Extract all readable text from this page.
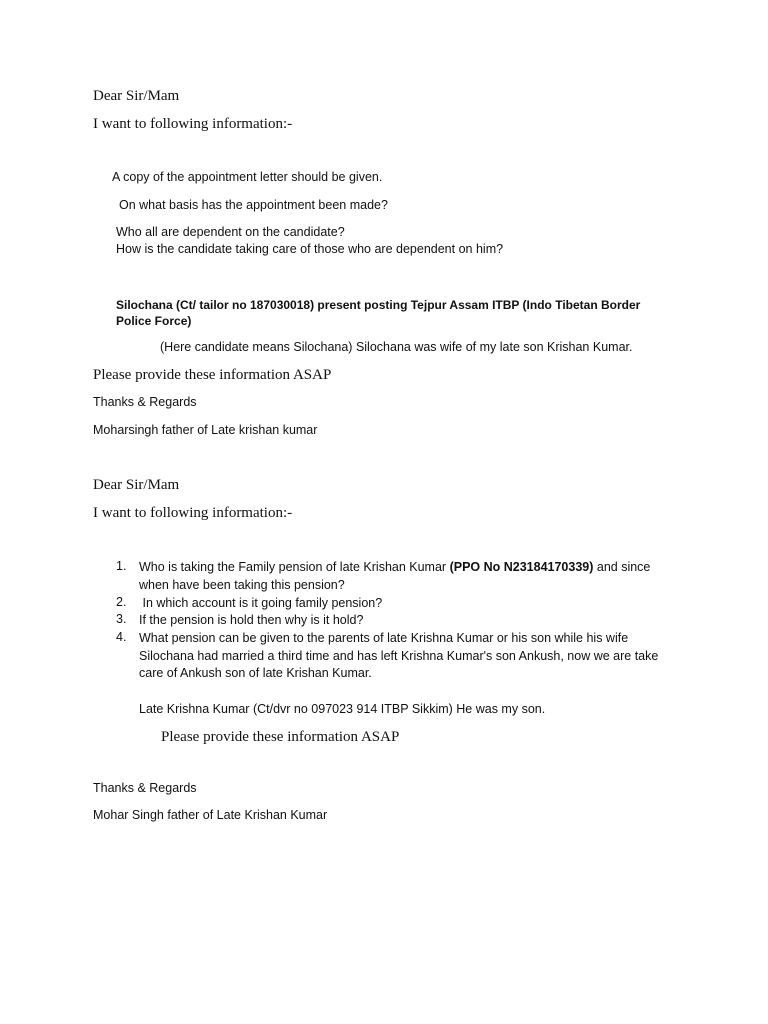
Dear Sir/Mam
I want to following information:-
A copy of the appointment letter should be given.
On what basis has the appointment been made?
Who all are dependent on the candidate?
How is the candidate taking care of those who are dependent on him?
Silochana (Ct/ tailor no 187030018) present posting Tejpur Assam ITBP (Indo Tibetan Border Police Force)
(Here candidate means Silochana) Silochana was wife of my late son Krishan Kumar.
Please provide these information ASAP
Thanks & Regards
Moharsingh father of Late krishan kumar
Dear Sir/Mam
I want to following information:-
1. Who is taking the Family pension of late Krishan Kumar (PPO No N23184170339) and since when have been taking this pension?
2. In which account is it going family pension?
3. If the pension is hold then why is it hold?
4. What pension can be given to the parents of late Krishna Kumar or his son while his wife Silochana had married a third time and has left Krishna Kumar's son Ankush, now we are take care of Ankush son of late Krishan Kumar.
Late Krishna Kumar (Ct/dvr no 097023 914 ITBP Sikkim) He was my son.
Please provide these information ASAP
Thanks & Regards
Mohar Singh father of Late Krishan Kumar
